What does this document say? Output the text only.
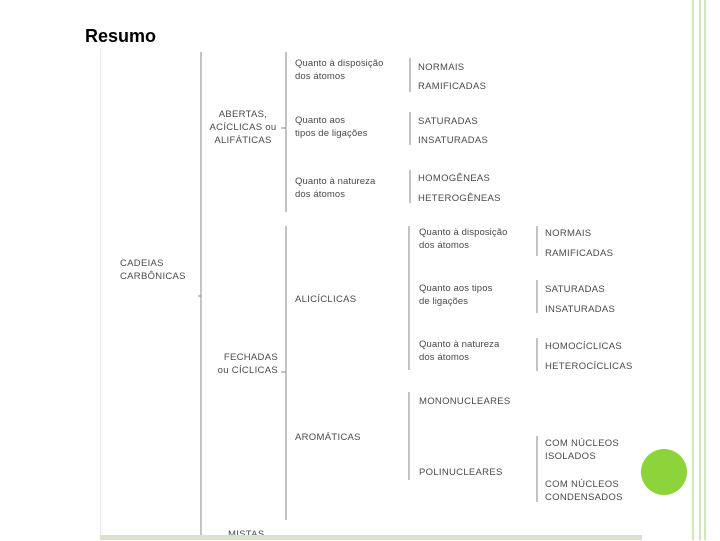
Resumo
CADEIAS
CARBÔNICAS
ABERTAS,
ACÍCLICAS ou
ALIFÁTICAS
Quanto à disposição
dos átomos
NORMAIS
RAMIFICADAS
Quanto aos
tipos de ligações
SATURADAS
INSATURADAS
Quanto à natureza
dos átomos
HOMOGÊNEAS
HETEROGÊNEAS
FECHADAS
ou CÍCLICAS
ALICÍCLICAS
Quanto à disposição
dos átomos
NORMAIS
RAMIFICADAS
Quanto aos tipos
de ligações
SATURADAS
INSATURADAS
Quanto à natureza
dos átomos
HOMOCÍCLICAS
HETEROCÍCLICAS
AROMÁTICAS
MONONUCLEARES
POLINUCLEARES
COM NÚCLEOS
ISOLADOS
COM NÚCLEOS
CONDENSADOS
